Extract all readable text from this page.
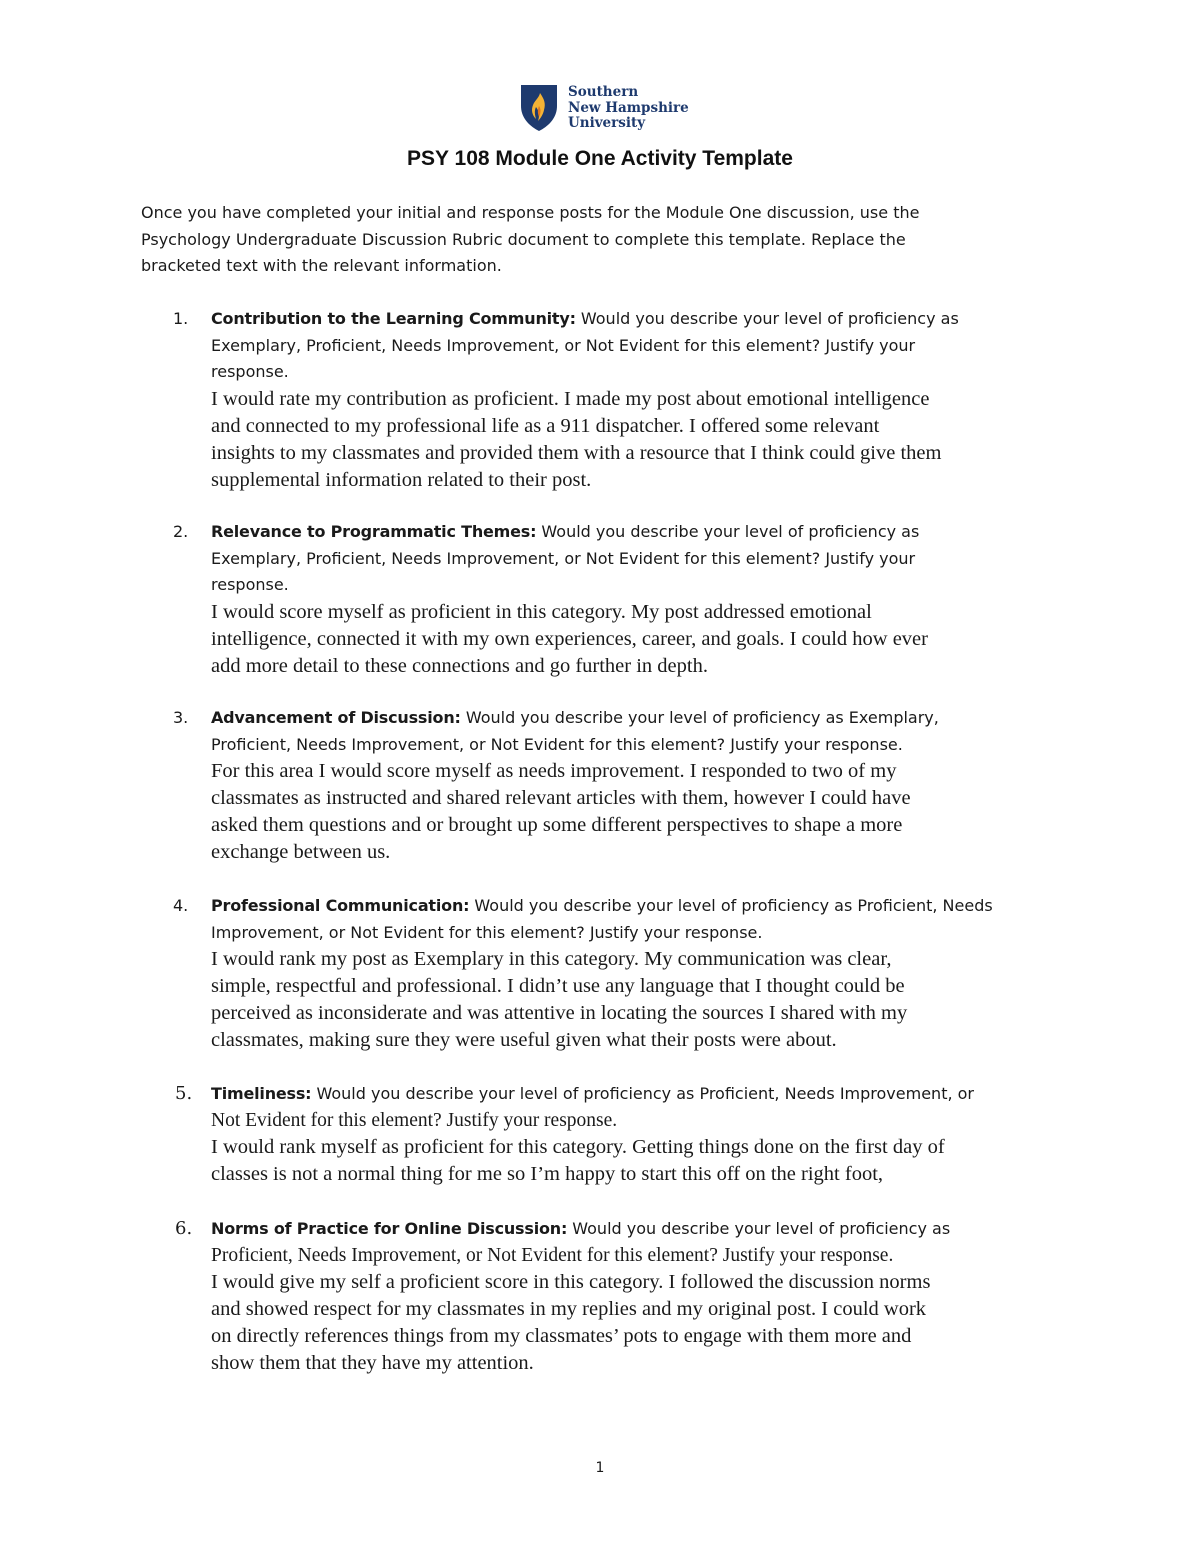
Southern
New Hampshire
University
PSY 108 Module One Activity Template
Once you have completed your initial and response posts for the Module One discussion, use the
Psychology Undergraduate Discussion Rubric document to complete this template. Replace the
bracketed text with the relevant information.
1. Contribution to the Learning Community: Would you describe your level of proficiency as
Exemplary, Proficient, Needs Improvement, or Not Evident for this element? Justify your
response.
I would rate my contribution as proficient. I made my post about emotional intelligence
and connected to my professional life as a 911 dispatcher. I offered some relevant
insights to my classmates and provided them with a resource that I think could give them
supplemental information related to their post.
2. Relevance to Programmatic Themes: Would you describe your level of proficiency as
Exemplary, Proficient, Needs Improvement, or Not Evident for this element? Justify your
response.
I would score myself as proficient in this category. My post addressed emotional
intelligence, connected it with my own experiences, career, and goals. I could how ever
add more detail to these connections and go further in depth.
3. Advancement of Discussion: Would you describe your level of proficiency as Exemplary,
Proficient, Needs Improvement, or Not Evident for this element? Justify your response.
For this area I would score myself as needs improvement. I responded to two of my
classmates as instructed and shared relevant articles with them, however I could have
asked them questions and or brought up some different perspectives to shape a more
exchange between us.
4. Professional Communication: Would you describe your level of proficiency as Proficient, Needs
Improvement, or Not Evident for this element? Justify your response.
I would rank my post as Exemplary in this category. My communication was clear,
simple, respectful and professional. I didn’t use any language that I thought could be
perceived as inconsiderate and was attentive in locating the sources I shared with my
classmates, making sure they were useful given what their posts were about.
5. Timeliness: Would you describe your level of proficiency as Proficient, Needs Improvement, or
Not Evident for this element? Justify your response.
I would rank myself as proficient for this category. Getting things done on the first day of
classes is not a normal thing for me so I’m happy to start this off on the right foot,
6. Norms of Practice for Online Discussion: Would you describe your level of proficiency as
Proficient, Needs Improvement, or Not Evident for this element? Justify your response.
I would give my self a proficient score in this category. I followed the discussion norms
and showed respect for my classmates in my replies and my original post. I could work
on directly references things from my classmates’ pots to engage with them more and
show them that they have my attention.
1
